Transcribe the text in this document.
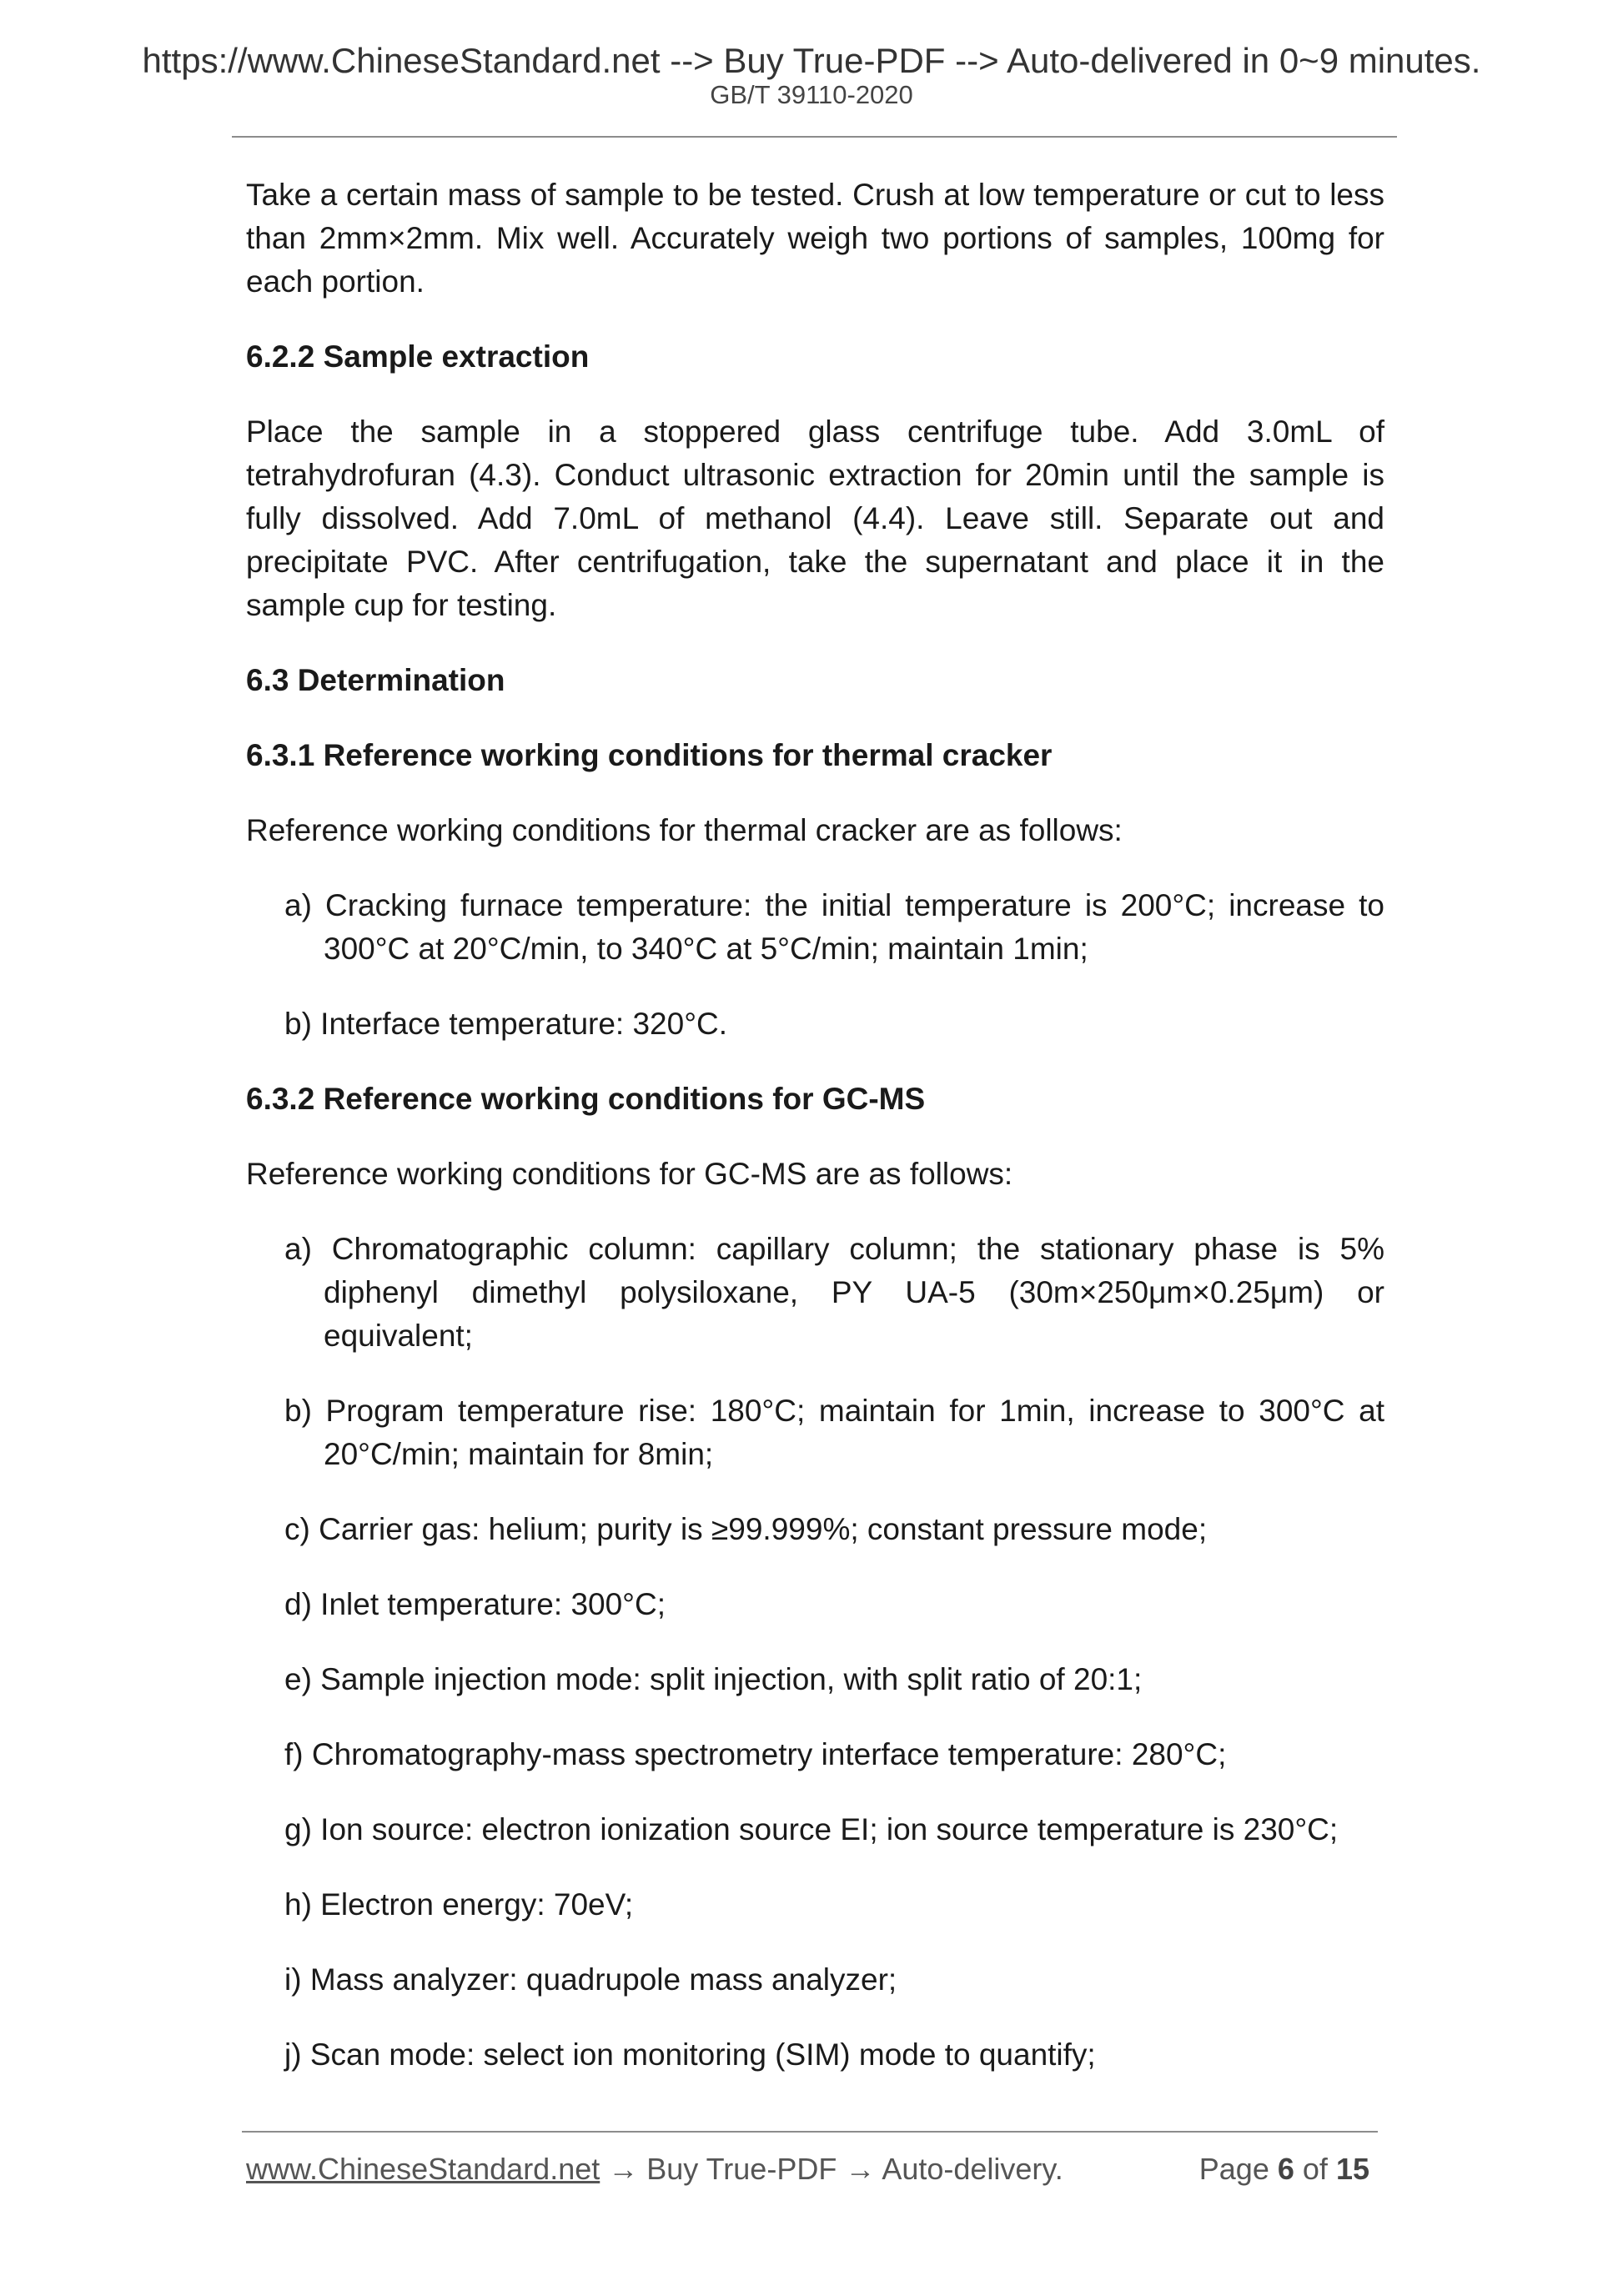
https://www.ChineseStandard.net --> Buy True-PDF --> Auto-delivered in 0~9 minutes.
GB/T 39110-2020

Take a certain mass of sample to be tested. Crush at low temperature or cut to less than 2mm×2mm. Mix well. Accurately weigh two portions of samples, 100mg for each portion.

6.2.2 Sample extraction

Place the sample in a stoppered glass centrifuge tube. Add 3.0mL of tetrahydrofuran (4.3). Conduct ultrasonic extraction for 20min until the sample is fully dissolved. Add 7.0mL of methanol (4.4). Leave still. Separate out and precipitate PVC. After centrifugation, take the supernatant and place it in the sample cup for testing.

6.3 Determination
6.3.1 Reference working conditions for thermal cracker

Reference working conditions for thermal cracker are as follows:

a) Cracking furnace temperature: the initial temperature is 200°C; increase to 300°C at 20°C/min, to 340°C at 5°C/min; maintain 1min;
b) Interface temperature: 320°C.
6.3.2 Reference working conditions for GC-MS

Reference working conditions for GC-MS are as follows:

a) Chromatographic column: capillary column; the stationary phase is 5% diphenyl dimethyl polysiloxane, PY UA-5 (30m×250μm×0.25μm) or equivalent;
b) Program temperature rise: 180°C; maintain for 1min, increase to 300°C at 20°C/min; maintain for 8min;
c) Carrier gas: helium; purity is ≥99.999%; constant pressure mode;
d) Inlet temperature: 300°C;
e) Sample injection mode: split injection, with split ratio of 20:1;
f) Chromatography-mass spectrometry interface temperature: 280°C;
g) Ion source: electron ionization source EI; ion source temperature is 230°C;
h) Electron energy: 70eV;
i) Mass analyzer: quadrupole mass analyzer;
j) Scan mode: select ion monitoring (SIM) mode to quantify;
www.ChineseStandard.net → Buy True-PDF → Auto-delivery.	Page 6 of 15
